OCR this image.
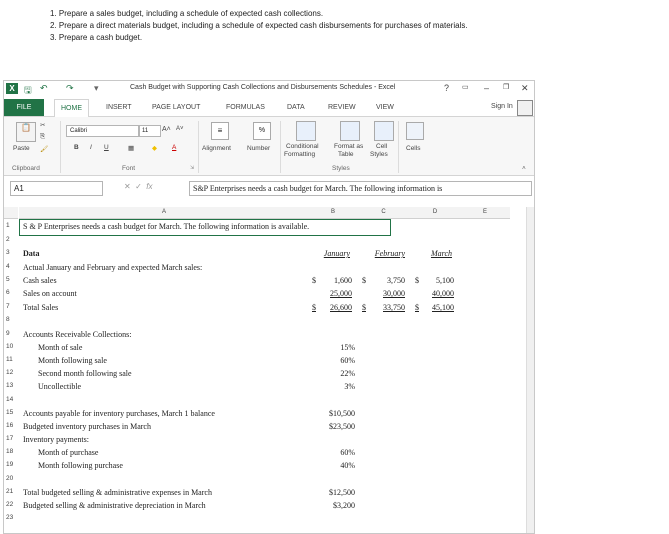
1. Prepare a sales budget, including a schedule of expected cash collections.
2. Prepare a direct materials budget, including a schedule of expected cash disbursements for purchases of materials.
3. Prepare a cash budget.
X	🖫 ↶ ↷ ▾	Cash Budget with Supporting Cash Collections and Disbursements Schedules - Excel	? ▭ – ❐ ✕
FILE	HOME	INSERT	PAGE LAYOUT	FORMULAS	DATA	REVIEW	VIEW	Sign In
📋
Paste
✂
⎘
🖌
Clipboard
Calibri	11	A˄ A˅
B I U	▦	◆ A
Font	⇲
≡
Alignment
%
Number Conditional
Formatting
Format as
Table
Cell
Styles
Styles
Cells
˄
A1	✕  ✓  fx	S&P Enterprises needs a cash budget for March. The following information is
A	B	C	D	E
1
2
3
4
5
6
7
8
9
10
11
12
13
14
15
16
17
18
19
20
21
22
23
S & P Enterprises needs a cash budget for March. The following information is available.
Data	January	February	March
Actual January and February and expected March sales:
Cash sales	$	1,600 $	3,750 $	5,100
Sales on account	25,000	30,000	40,000
Total Sales	$	26,600 $	33,750 $	45,100
Accounts Receivable Collections:
Month of sale	15%
Month following sale	60%
Second month following sale	22%
Uncollectible	3%
Accounts payable for inventory purchases, March 1 balance	$10,500
Budgeted inventory purchases in March	$23,500
Inventory payments:
Month of purchase	60%
Month following purchase	40%
Total budgeted selling & administrative expenses in March	$12,500
Budgeted selling & administrative depreciation in March	$3,200
